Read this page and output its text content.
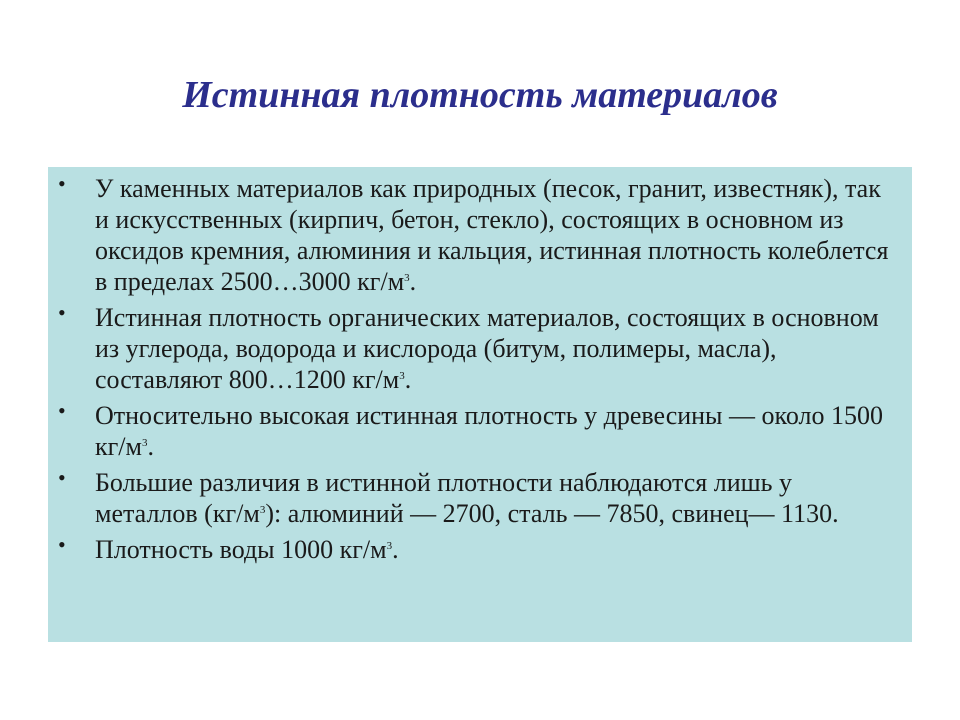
Истинная плотность материалов
• У каменных материалов как природных (песок, гранит, известняк), так и искусственных (кирпич, бетон, стекло), состоящих в основном из оксидов кремния, алюминия и кальция, истинная плотность колеблется в пределах 2500…3000 $кг/м^3$.
• Истинная плотность органических материалов, состоящих в основном из углерода, водорода и кислорода (битум, полимеры, масла), составляют 800…1200 $кг/м^3$.
• Относительно высокая истинная плотность у древесины — около 1500 $кг/м^3$.
• Большие различия в истинной плотности наблюдаются лишь у металлов $(кг/м^3)$: алюминий — 2700, сталь — 7850, свинец— 1130.
• Плотность воды 1000 $кг/м^3$.
